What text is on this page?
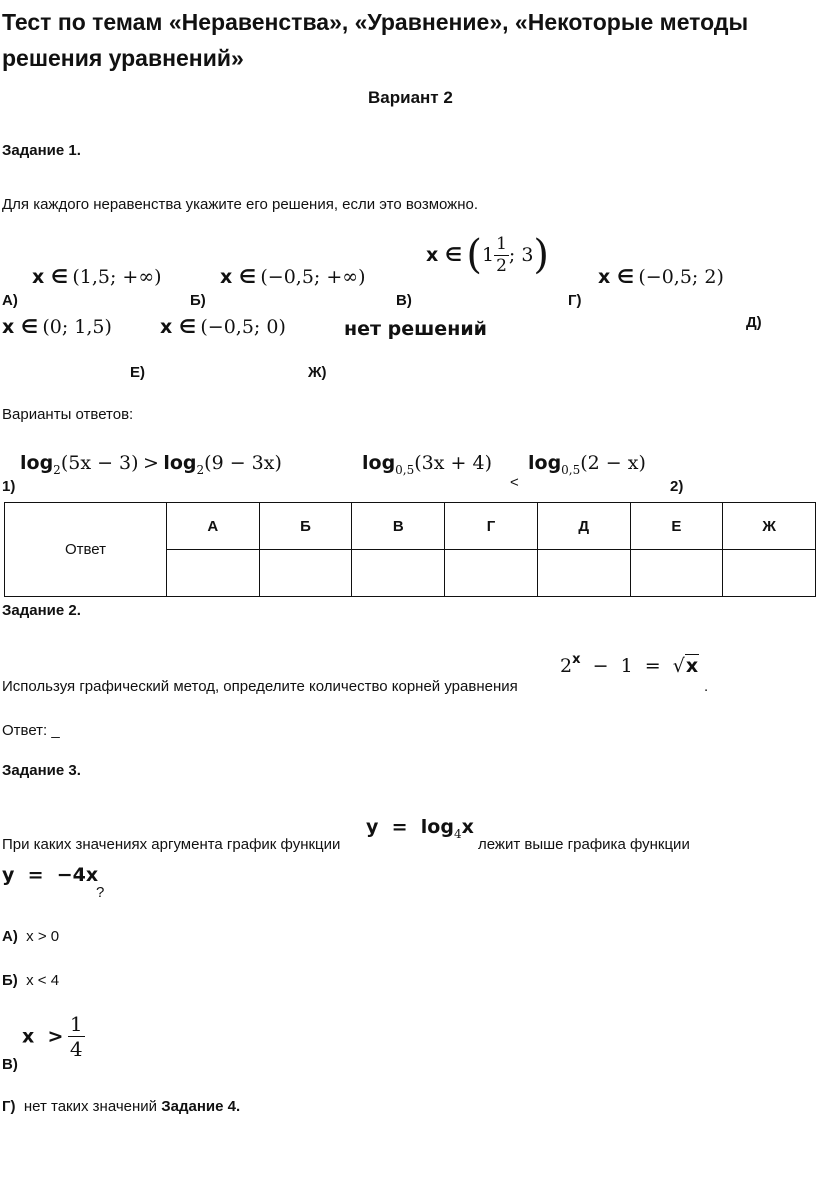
Тест по темам «Неравенства», «Уравнение», «Некоторые методы решения уравнений»
Вариант 2
Задание 1.
Для каждого неравенства укажите его решения, если это возможно.
А)
x ∈ (1,5; +∞)
Б)
x ∈ (−0,5; +∞)
В)
x ∈ ($1 \frac{1}{2}$ ; 3)
Г)
x ∈ (−0,5; 2)
Д)
x ∈ (0; 1,5)
Е)
x ∈ (−0,5; 0)
Ж)
нет решений
Варианты ответов:
1)
$\log_2(5x - 3) > \log_2(9 - 3x)$	$\log_{0,5}(3x + 4)$
<
$\log_{0,5}(2 - x)$
2)
Ответ	А	Б	В	Г	Д	Е	Ж

Задание 2.
2$^x$  −  1  =  √x
Используя графический метод, определите количество корней уравнения	.
Ответ: _
Задание 3.
$y = \log_4x$
При каких значениях аргумента график функции	лежит выше графика функции
y  =  −4x
?
А) x > 0
Б) x < 4
$x > \frac{1}{4}$
В)
Г) нет таких значений Задание 4.
